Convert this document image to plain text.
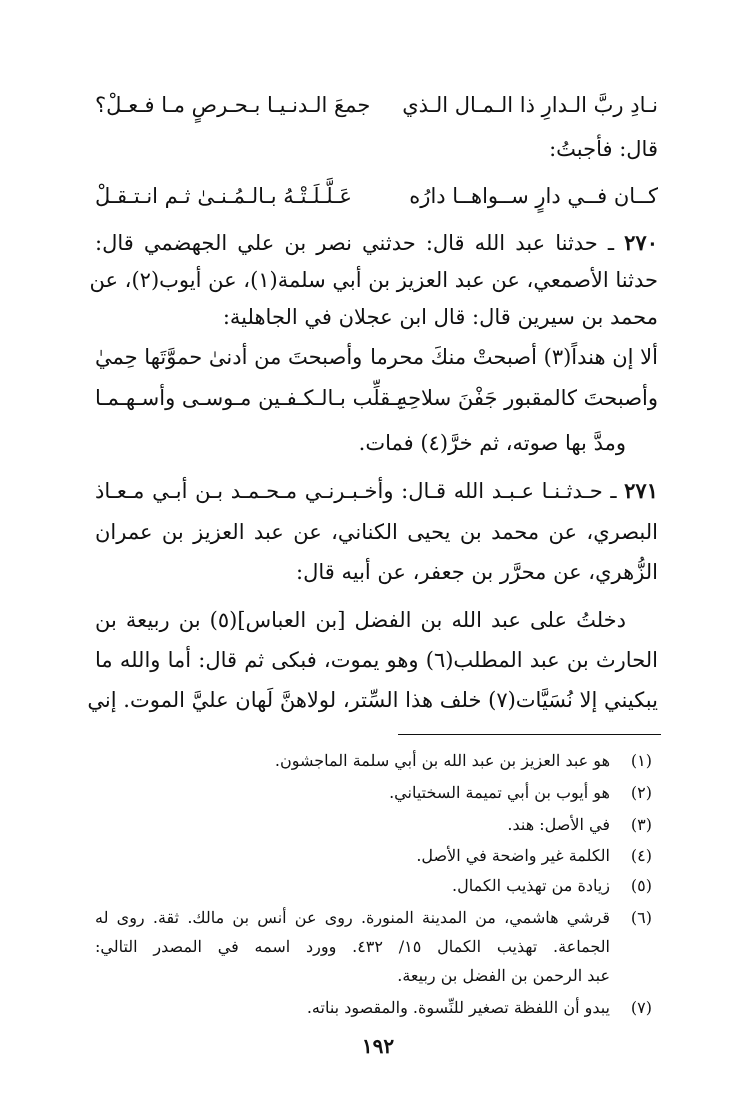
نـادِ ربَّ الـدارِ ذا الـمـال الـذي
جمعَ الـدنـيـا بـحـرصٍ مـا فـعـلْ؟
قال: فأجبتُ:
كــان فــي دارٍ ســواهــا دارُه
عَـلَّـلَـتْـهُ بـالـمُـنـىٰ ثـم انـتـقـلْ
٢٧٠ ـ حدثنا عبد الله قال: حدثني نصر بن علي الجهضمي قال:
حدثنا الأصمعي، عن عبد العزيز بن أبي سلمة(١)، عن أيوب(٢)، عن
محمد بن سيرين قال: قال ابن عجلان في الجاهلية:
ألا إن هنداً(٣) أصبحتْ منكَ محرما
وأصبحتَ من أدنىٰ حموَّتَها حِميٰ
وأصبحتَ كالمقبور جَفْنَ سلاحِهِ
يـقلِّب بـالـكـفـين مـوسـى وأسـهـمـا
ومدَّ بها صوته، ثم خرَّ(٤) فمات.
٢٧١ ـ حـدثـنـا عـبـد الله قـال: وأخـبـرنـي مـحـمـد بـن أبـي مـعـاذ
البصري، عن محمد بن يحيى الكناني، عن عبد العزيز بن عمران
الزُّهري، عن محرَّر بن جعفر، عن أبيه قال:
دخلتُ على عبد الله بن الفضل [بن العباس](٥) بن ربيعة بن
الحارث بن عبد المطلب(٦) وهو يموت، فبكى ثم قال: أما والله ما
يبكيني إلا نُسَيَّات(٧) خلف هذا السِّتر، لولاهنَّ لَهان عليَّ الموت. إني
(١)
هو عبد العزيز بن عبد الله بن أبي سلمة الماجشون.
(٢)
هو أيوب بن أبي تميمة السختياني.
(٣)
في الأصل: هند.
(٤)
الكلمة غير واضحة في الأصل.
(٥)
زيادة من تهذيب الكمال.
(٦)
قرشي هاشمي، من المدينة المنورة. روى عن أنس بن مالك. ثقة. روى له
الجماعة. تهذيب الكمال ١٥/ ٤٣٢. وورد اسمه في المصدر التالي:
عبد الرحمن بن الفضل بن ربيعة.
(٧)
يبدو أن اللفظة تصغير للنِّسوة. والمقصود بناته.
١٩٢
